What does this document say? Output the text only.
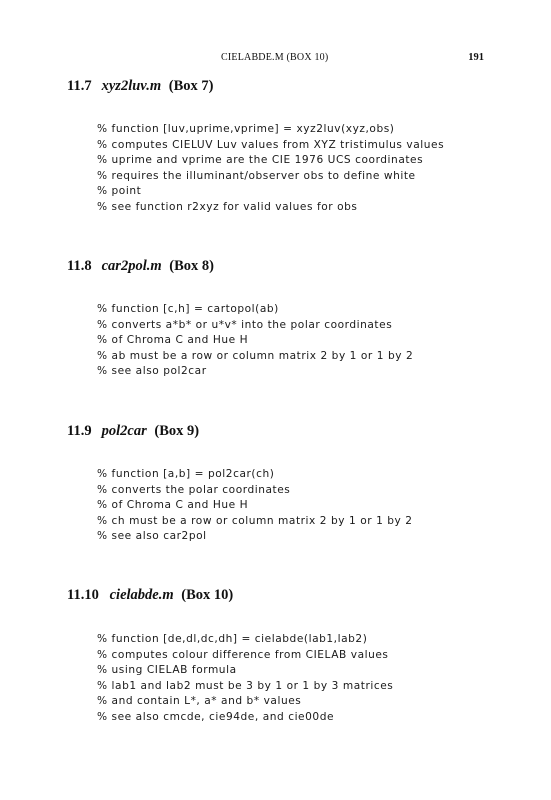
CIELABDE.M (BOX 10)	191
11.7 xyz2luv.m (Box 7)
% function [luv,uprime,vprime] = xyz2luv(xyz,obs)
% computes CIELUV Luv values from XYZ tristimulus values
% uprime and vprime are the CIE 1976 UCS coordinates
% requires the illuminant/observer obs to define white
% point
% see function r2xyz for valid values for obs
11.8 car2pol.m (Box 8)
% function [c,h] = cartopol(ab)
% converts a*b* or u*v* into the polar coordinates
% of Chroma C and Hue H
% ab must be a row or column matrix 2 by 1 or 1 by 2
% see also pol2car
11.9 pol2car (Box 9)
% function [a,b] = pol2car(ch)
% converts the polar coordinates
% of Chroma C and Hue H
% ch must be a row or column matrix 2 by 1 or 1 by 2
% see also car2pol
11.10 cielabde.m (Box 10)
% function [de,dl,dc,dh] = cielabde(lab1,lab2)
% computes colour difference from CIELAB values
% using CIELAB formula
% lab1 and lab2 must be 3 by 1 or 1 by 3 matrices
% and contain L*, a* and b* values
% see also cmcde, cie94de, and cie00de
